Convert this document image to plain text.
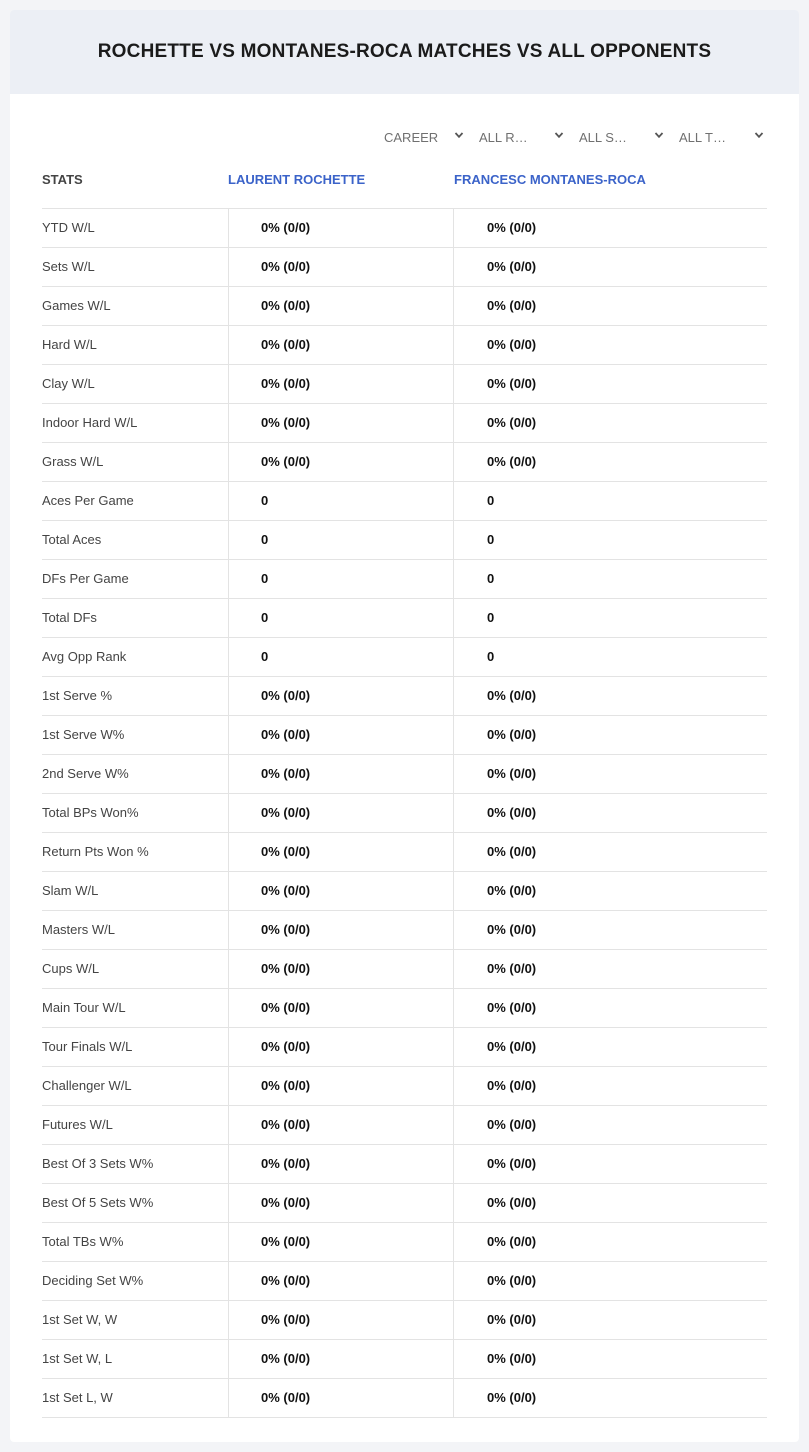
ROCHETTE VS MONTANES-ROCA MATCHES VS ALL OPPONENTS
CAREER	ALL R…	ALL S…	ALL T…
STATS	LAURENT ROCHETTE	FRANCESC MONTANES-ROCA
YTD W/L	0% (0/0)	0% (0/0)
Sets W/L	0% (0/0)	0% (0/0)
Games W/L	0% (0/0)	0% (0/0)
Hard W/L	0% (0/0)	0% (0/0)
Clay W/L	0% (0/0)	0% (0/0)
Indoor Hard W/L	0% (0/0)	0% (0/0)
Grass W/L	0% (0/0)	0% (0/0)
Aces Per Game	0	0
Total Aces	0	0
DFs Per Game	0	0
Total DFs	0	0
Avg Opp Rank	0	0
1st Serve %	0% (0/0)	0% (0/0)
1st Serve W%	0% (0/0)	0% (0/0)
2nd Serve W%	0% (0/0)	0% (0/0)
Total BPs Won%	0% (0/0)	0% (0/0)
Return Pts Won %	0% (0/0)	0% (0/0)
Slam W/L	0% (0/0)	0% (0/0)
Masters W/L	0% (0/0)	0% (0/0)
Cups W/L	0% (0/0)	0% (0/0)
Main Tour W/L	0% (0/0)	0% (0/0)
Tour Finals W/L	0% (0/0)	0% (0/0)
Challenger W/L	0% (0/0)	0% (0/0)
Futures W/L	0% (0/0)	0% (0/0)
Best Of 3 Sets W%	0% (0/0)	0% (0/0)
Best Of 5 Sets W%	0% (0/0)	0% (0/0)
Total TBs W%	0% (0/0)	0% (0/0)
Deciding Set W%	0% (0/0)	0% (0/0)
1st Set W, W	0% (0/0)	0% (0/0)
1st Set W, L	0% (0/0)	0% (0/0)
1st Set L, W	0% (0/0)	0% (0/0)
